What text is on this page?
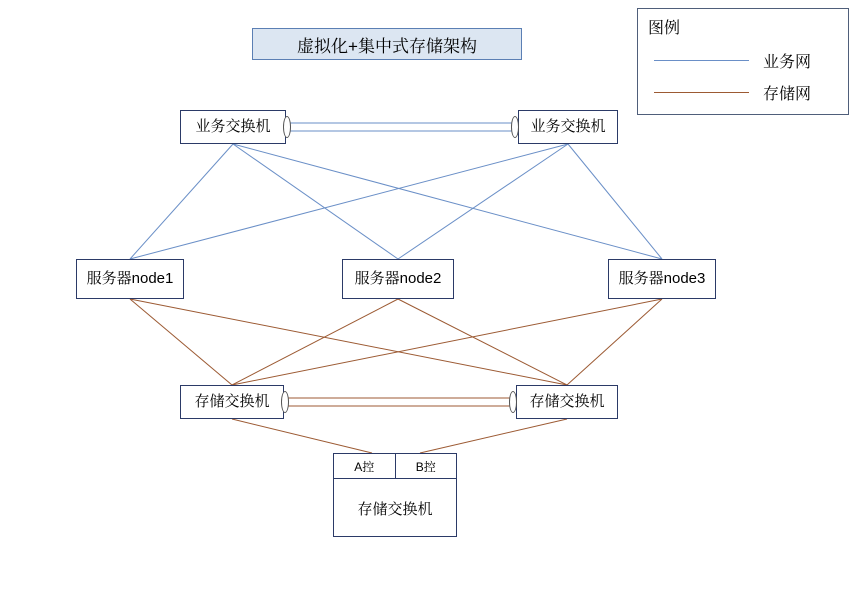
虚拟化+集中式存储架构
图例
业务网
存储网
业务交换机	业务交换机
服务器node1	服务器node2	服务器node3
存储交换机	存储交换机
A控	B控
存储交换机
